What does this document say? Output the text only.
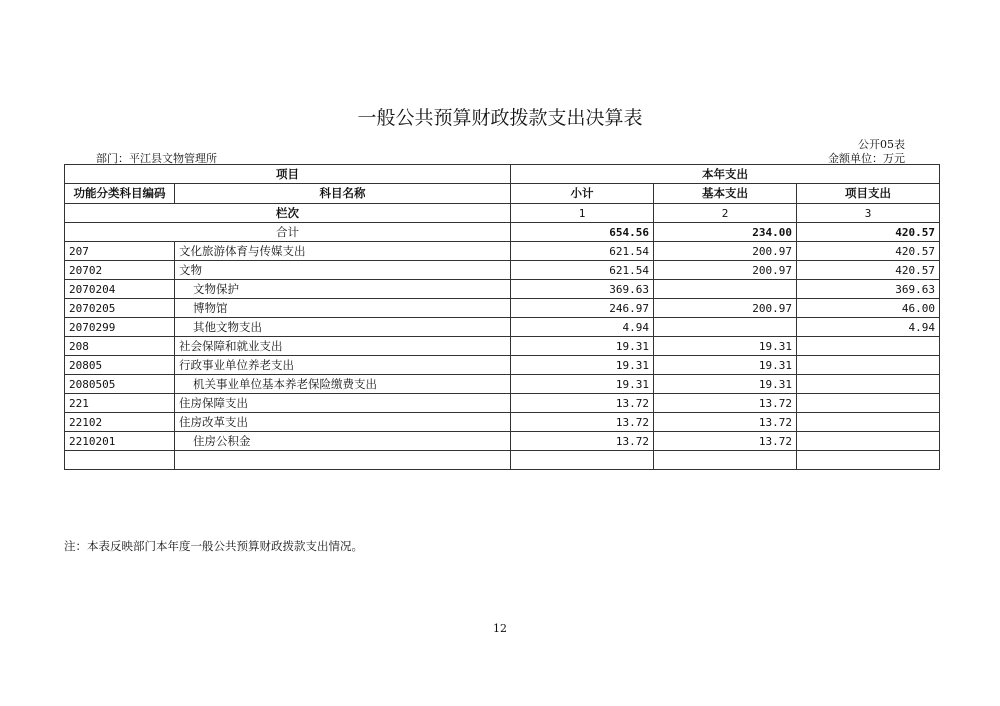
一般公共预算财政拨款支出决算表
公开05表
部门：平江县文物管理所	金额单位：万元
项目		本年支出		
功能分类科目编码	科目名称	小计	基本支出	项目支出
栏次		1	2	3
合计		654.56	234.00	420.57
207	文化旅游体育与传媒支出	621.54	200.97	420.57
20702	文物	621.54	200.97	420.57
2070204	文物保护	369.63		369.63
2070205	博物馆	246.97	200.97	46.00
2070299	其他文物支出	4.94		4.94
208	社会保障和就业支出	19.31	19.31	
20805	行政事业单位养老支出	19.31	19.31	
2080505	机关事业单位基本养老保险缴费支出	19.31	19.31	
221	住房保障支出	13.72	13.72	
22102	住房改革支出	13.72	13.72	
2210201	住房公积金	13.72	13.72	

注：本表反映部门本年度一般公共预算财政拨款支出情况。
12
